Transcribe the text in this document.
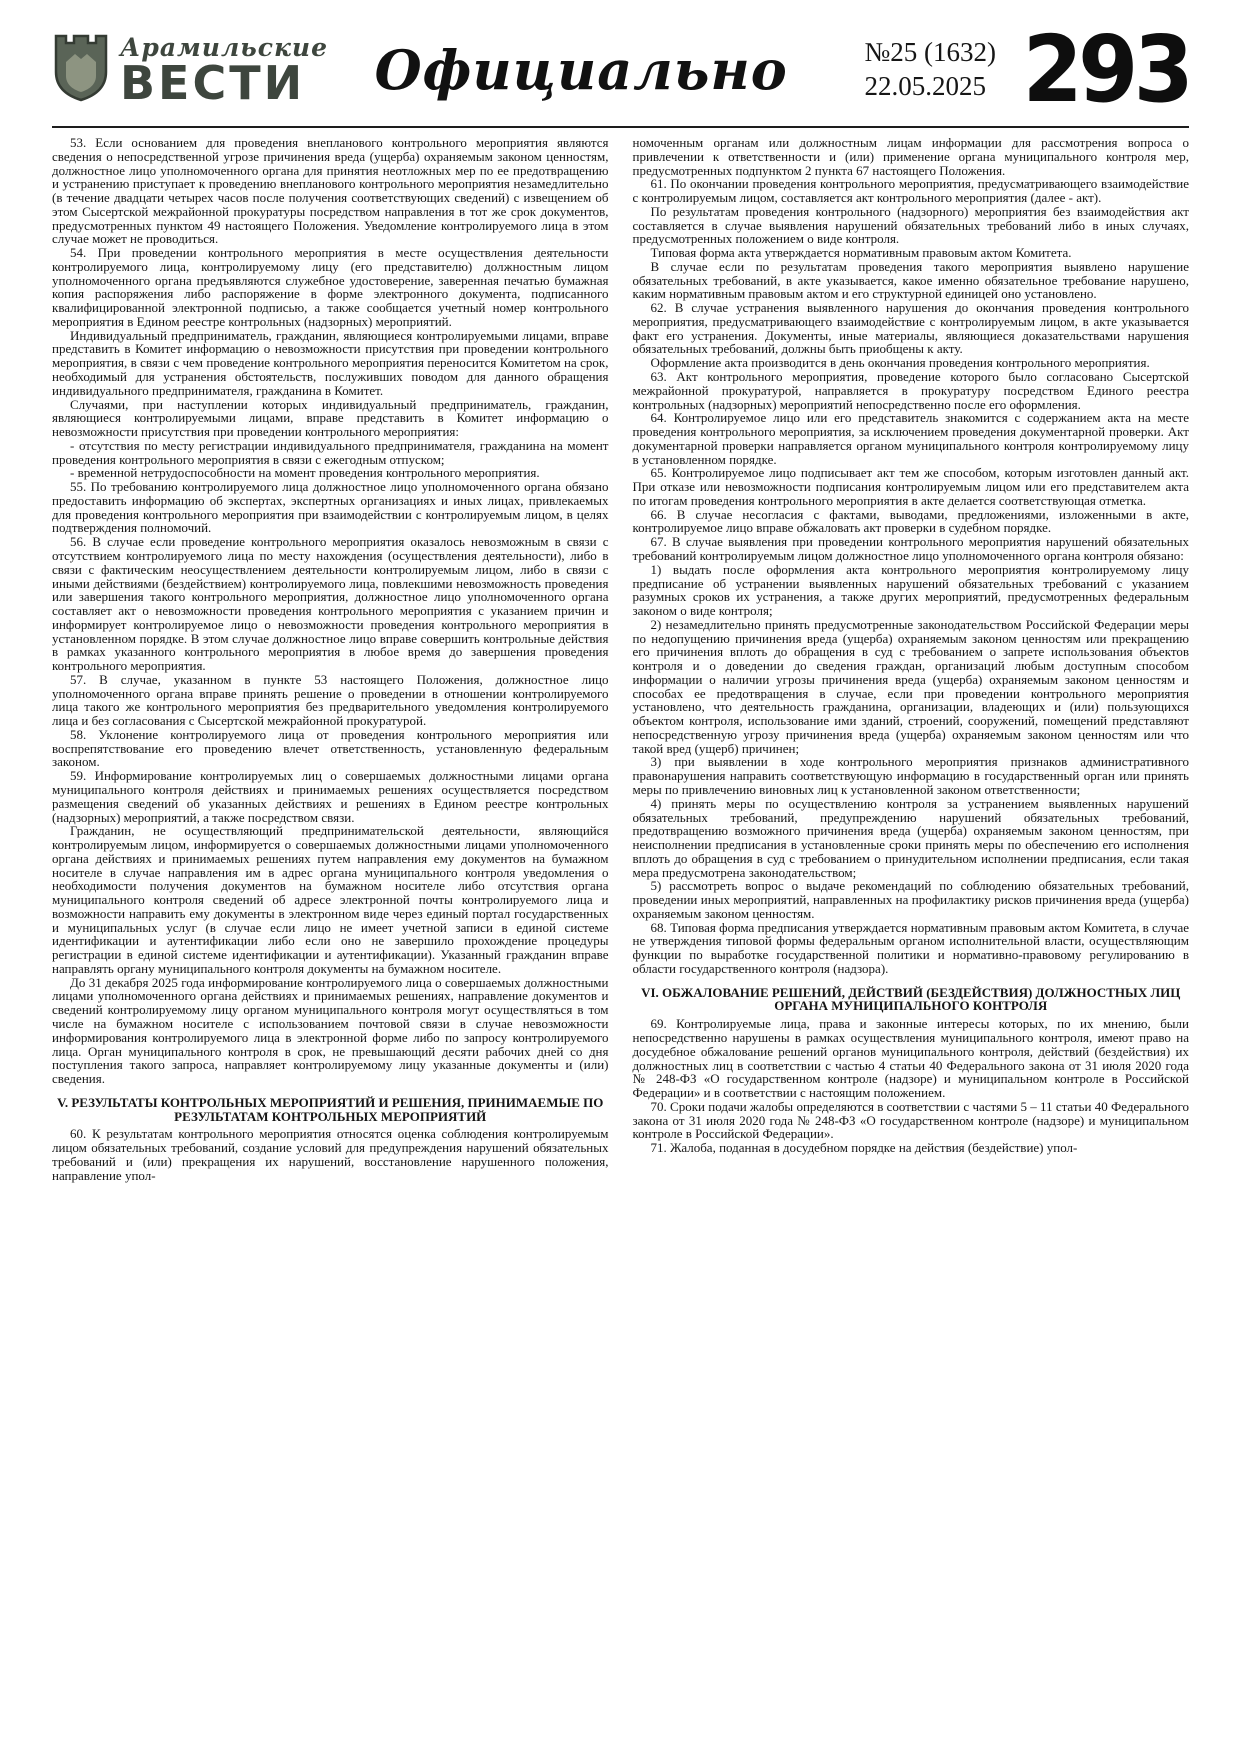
Арамильские
ВЕСТИ	Официально	№25 (1632)
22.05.2025 293

53. Если основанием для проведения внепланового контрольного мероприятия являются сведения о непосредственной угрозе причинения вреда (ущерба) охраняемым законом ценностям, должностное лицо уполномоченного органа для принятия неотложных мер по ее предотвращению и устранению приступает к проведению внепланового контрольного мероприятия незамедлительно (в течение двадцати четырех часов после получения соответствующих сведений) с извещением об этом Сысертской межрайонной прокуратуры посредством направления в тот же срок документов, предусмотренных пунктом 49 настоящего Положения. Уведомление контролируемого лица в этом случае может не проводиться.

54. При проведении контрольного мероприятия в месте осуществления деятельности контролируемого лица, контролируемому лицу (его представителю) должностным лицом уполномоченного органа предъявляются служебное удостоверение, заверенная печатью бумажная копия распоряжения либо распоряжение в форме электронного документа, подписанного квалифицированной электронной подписью, а также сообщается учетный номер контрольного мероприятия в Едином реестре контрольных (надзорных) мероприятий.

Индивидуальный предприниматель, гражданин, являющиеся контролируемыми лицами, вправе представить в Комитет информацию о невозможности присутствия при проведении контрольного мероприятия, в связи с чем проведение контрольного мероприятия переносится Комитетом на срок, необходимый для устранения обстоятельств, послуживших поводом для данного обращения индивидуального предпринимателя, гражданина в Комитет.

Случаями, при наступлении которых индивидуальный предприниматель, гражданин, являющиеся контролируемыми лицами, вправе представить в Комитет информацию о невозможности присутствия при проведении контрольного мероприятия:

- отсутствия по месту регистрации индивидуального предпринимателя, гражданина на момент проведения контрольного мероприятия в связи с ежегодным отпуском;

- временной нетрудоспособности на момент проведения контрольного мероприятия.

55. По требованию контролируемого лица должностное лицо уполномоченного органа обязано предоставить информацию об экспертах, экспертных организациях и иных лицах, привлекаемых для проведения контрольного мероприятия при взаимодействии с контролируемым лицом, в целях подтверждения полномочий.

56. В случае если проведение контрольного мероприятия оказалось невозможным в связи с отсутствием контролируемого лица по месту нахождения (осуществления деятельности), либо в связи с фактическим неосуществлением деятельности контролируемым лицом, либо в связи с иными действиями (бездействием) контролируемого лица, повлекшими невозможность проведения или завершения такого контрольного мероприятия, должностное лицо уполномоченного органа составляет акт о невозможности проведения контрольного мероприятия с указанием причин и информирует контролируемое лицо о невозможности проведения контрольного мероприятия в установленном порядке. В этом случае должностное лицо вправе совершить контрольные действия в рамках указанного контрольного мероприятия в любое время до завершения проведения контрольного мероприятия.

57. В случае, указанном в пункте 53 настоящего Положения, должностное лицо уполномоченного органа вправе принять решение о проведении в отношении контролируемого лица такого же контрольного мероприятия без предварительного уведомления контролируемого лица и без согласования с Сысертской межрайонной прокуратурой.

58. Уклонение контролируемого лица от проведения контрольного мероприятия или воспрепятствование его проведению влечет ответственность, установленную федеральным законом.

59. Информирование контролируемых лиц о совершаемых должностными лицами органа муниципального контроля действиях и принимаемых решениях осуществляется посредством размещения сведений об указанных действиях и решениях в Едином реестре контрольных (надзорных) мероприятий, а также посредством связи.

Гражданин, не осуществляющий предпринимательской деятельности, являющийся контролируемым лицом, информируется о совершаемых должностными лицами уполномоченного органа действиях и принимаемых решениях путем направления ему документов на бумажном носителе в случае направления им в адрес органа муниципального контроля уведомления о необходимости получения документов на бумажном носителе либо отсутствия органа муниципального контроля сведений об адресе электронной почты контролируемого лица и возможности направить ему документы в электронном виде через единый портал государственных и муниципальных услуг (в случае если лицо не имеет учетной записи в единой системе идентификации и аутентификации либо если оно не завершило прохождение процедуры регистрации в единой системе идентификации и аутентификации). Указанный гражданин вправе направлять органу муниципального контроля документы на бумажном носителе.

До 31 декабря 2025 года информирование контролируемого лица о совершаемых должностными лицами уполномоченного органа действиях и принимаемых решениях, направление документов и сведений контролируемому лицу органом муниципального контроля могут осуществляться в том числе на бумажном носителе с использованием почтовой связи в случае невозможности информирования контролируемого лица в электронной форме либо по запросу контролируемого лица. Орган муниципального контроля в срок, не превышающий десяти рабочих дней со дня поступления такого запроса, направляет контролируемому лицу указанные документы и (или) сведения.

V. РЕЗУЛЬТАТЫ КОНТРОЛЬНЫХ МЕРОПРИЯТИЙ И РЕШЕНИЯ, ПРИНИМАЕМЫЕ ПО РЕЗУЛЬТАТАМ КОНТРОЛЬНЫХ МЕРОПРИЯТИЙ

60. К результатам контрольного мероприятия относятся оценка соблюдения контролируемым лицом обязательных требований, создание условий для предупреждения нарушений обязательных требований и (или) прекращения их нарушений, восстановление нарушенного положения, направление упол-

номоченным органам или должностным лицам информации для рассмотрения вопроса о привлечении к ответственности и (или) применение органа муниципального контроля мер, предусмотренных подпунктом 2 пункта 67 настоящего Положения.

61. По окончании проведения контрольного мероприятия, предусматривающего взаимодействие с контролируемым лицом, составляется акт контрольного мероприятия (далее - акт).

По результатам проведения контрольного (надзорного) мероприятия без взаимодействия акт составляется в случае выявления нарушений обязательных требований либо в иных случаях, предусмотренных положением о виде контроля.

Типовая форма акта утверждается нормативным правовым актом Комитета.

В случае если по результатам проведения такого мероприятия выявлено нарушение обязательных требований, в акте указывается, какое именно обязательное требование нарушено, каким нормативным правовым актом и его структурной единицей оно установлено.

62. В случае устранения выявленного нарушения до окончания проведения контрольного мероприятия, предусматривающего взаимодействие с контролируемым лицом, в акте указывается факт его устранения. Документы, иные материалы, являющиеся доказательствами нарушения обязательных требований, должны быть приобщены к акту.

Оформление акта производится в день окончания проведения контрольного мероприятия.

63. Акт контрольного мероприятия, проведение которого было согласовано Сысертской межрайонной прокуратурой, направляется в прокуратуру посредством Единого реестра контрольных (надзорных) мероприятий непосредственно после его оформления.

64. Контролируемое лицо или его представитель знакомится с содержанием акта на месте проведения контрольного мероприятия, за исключением проведения документарной проверки. Акт документарной проверки направляется органом муниципального контроля контролируемому лицу в установленном порядке.

65. Контролируемое лицо подписывает акт тем же способом, которым изготовлен данный акт. При отказе или невозможности подписания контролируемым лицом или его представителем акта по итогам проведения контрольного мероприятия в акте делается соответствующая отметка.

66. В случае несогласия с фактами, выводами, предложениями, изложенными в акте, контролируемое лицо вправе обжаловать акт проверки в судебном порядке.

67. В случае выявления при проведении контрольного мероприятия нарушений обязательных требований контролируемым лицом должностное лицо уполномоченного органа контроля обязано:

1) выдать после оформления акта контрольного мероприятия контролируемому лицу предписание об устранении выявленных нарушений обязательных требований с указанием разумных сроков их устранения, а также других мероприятий, предусмотренных федеральным законом о виде контроля;

2) незамедлительно принять предусмотренные законодательством Российской Федерации меры по недопущению причинения вреда (ущерба) охраняемым законом ценностям или прекращению его причинения вплоть до обращения в суд с требованием о запрете использования объектов контроля и о доведении до сведения граждан, организаций любым доступным способом информации о наличии угрозы причинения вреда (ущерба) охраняемым законом ценностям и способах ее предотвращения в случае, если при проведении контрольного мероприятия установлено, что деятельность гражданина, организации, владеющих и (или) пользующихся объектом контроля, использование ими зданий, строений, сооружений, помещений представляют непосредственную угрозу причинения вреда (ущерба) охраняемым законом ценностям или что такой вред (ущерб) причинен;

3) при выявлении в ходе контрольного мероприятия признаков административного правонарушения направить соответствующую информацию в государственный орган или принять меры по привлечению виновных лиц к установленной законом ответственности;

4) принять меры по осуществлению контроля за устранением выявленных нарушений обязательных требований, предупреждению нарушений обязательных требований, предотвращению возможного причинения вреда (ущерба) охраняемым законом ценностям, при неисполнении предписания в установленные сроки принять меры по обеспечению его исполнения вплоть до обращения в суд с требованием о принудительном исполнении предписания, если такая мера предусмотрена законодательством;

5) рассмотреть вопрос о выдаче рекомендаций по соблюдению обязательных требований, проведении иных мероприятий, направленных на профилактику рисков причинения вреда (ущерба) охраняемым законом ценностям.

68. Типовая форма предписания утверждается нормативным правовым актом Комитета, в случае не утверждения типовой формы федеральным органом исполнительной власти, осуществляющим функции по выработке государственной политики и нормативно-правовому регулированию в области государственного контроля (надзора).

VI. ОБЖАЛОВАНИЕ РЕШЕНИЙ, ДЕЙСТВИЙ (БЕЗДЕЙСТВИЯ) ДОЛЖНОСТНЫХ ЛИЦ ОРГАНА МУНИЦИПАЛЬНОГО КОНТРОЛЯ

69. Контролируемые лица, права и законные интересы которых, по их мнению, были непосредственно нарушены в рамках осуществления муниципального контроля, имеют право на досудебное обжалование решений органов муниципального контроля, действий (бездействия) их должностных лиц в соответствии с частью 4 статьи 40 Федерального закона от 31 июля 2020 года № 248-ФЗ «О государственном контроле (надзоре) и муниципальном контроле в Российской Федерации» и в соответствии с настоящим положением.

70. Сроки подачи жалобы определяются в соответствии с частями 5 – 11 статьи 40 Федерального закона от 31 июля 2020 года № 248-ФЗ «О государственном контроле (надзоре) и муниципальном контроле в Российской Федерации».

71. Жалоба, поданная в досудебном порядке на действия (бездействие) упол-
